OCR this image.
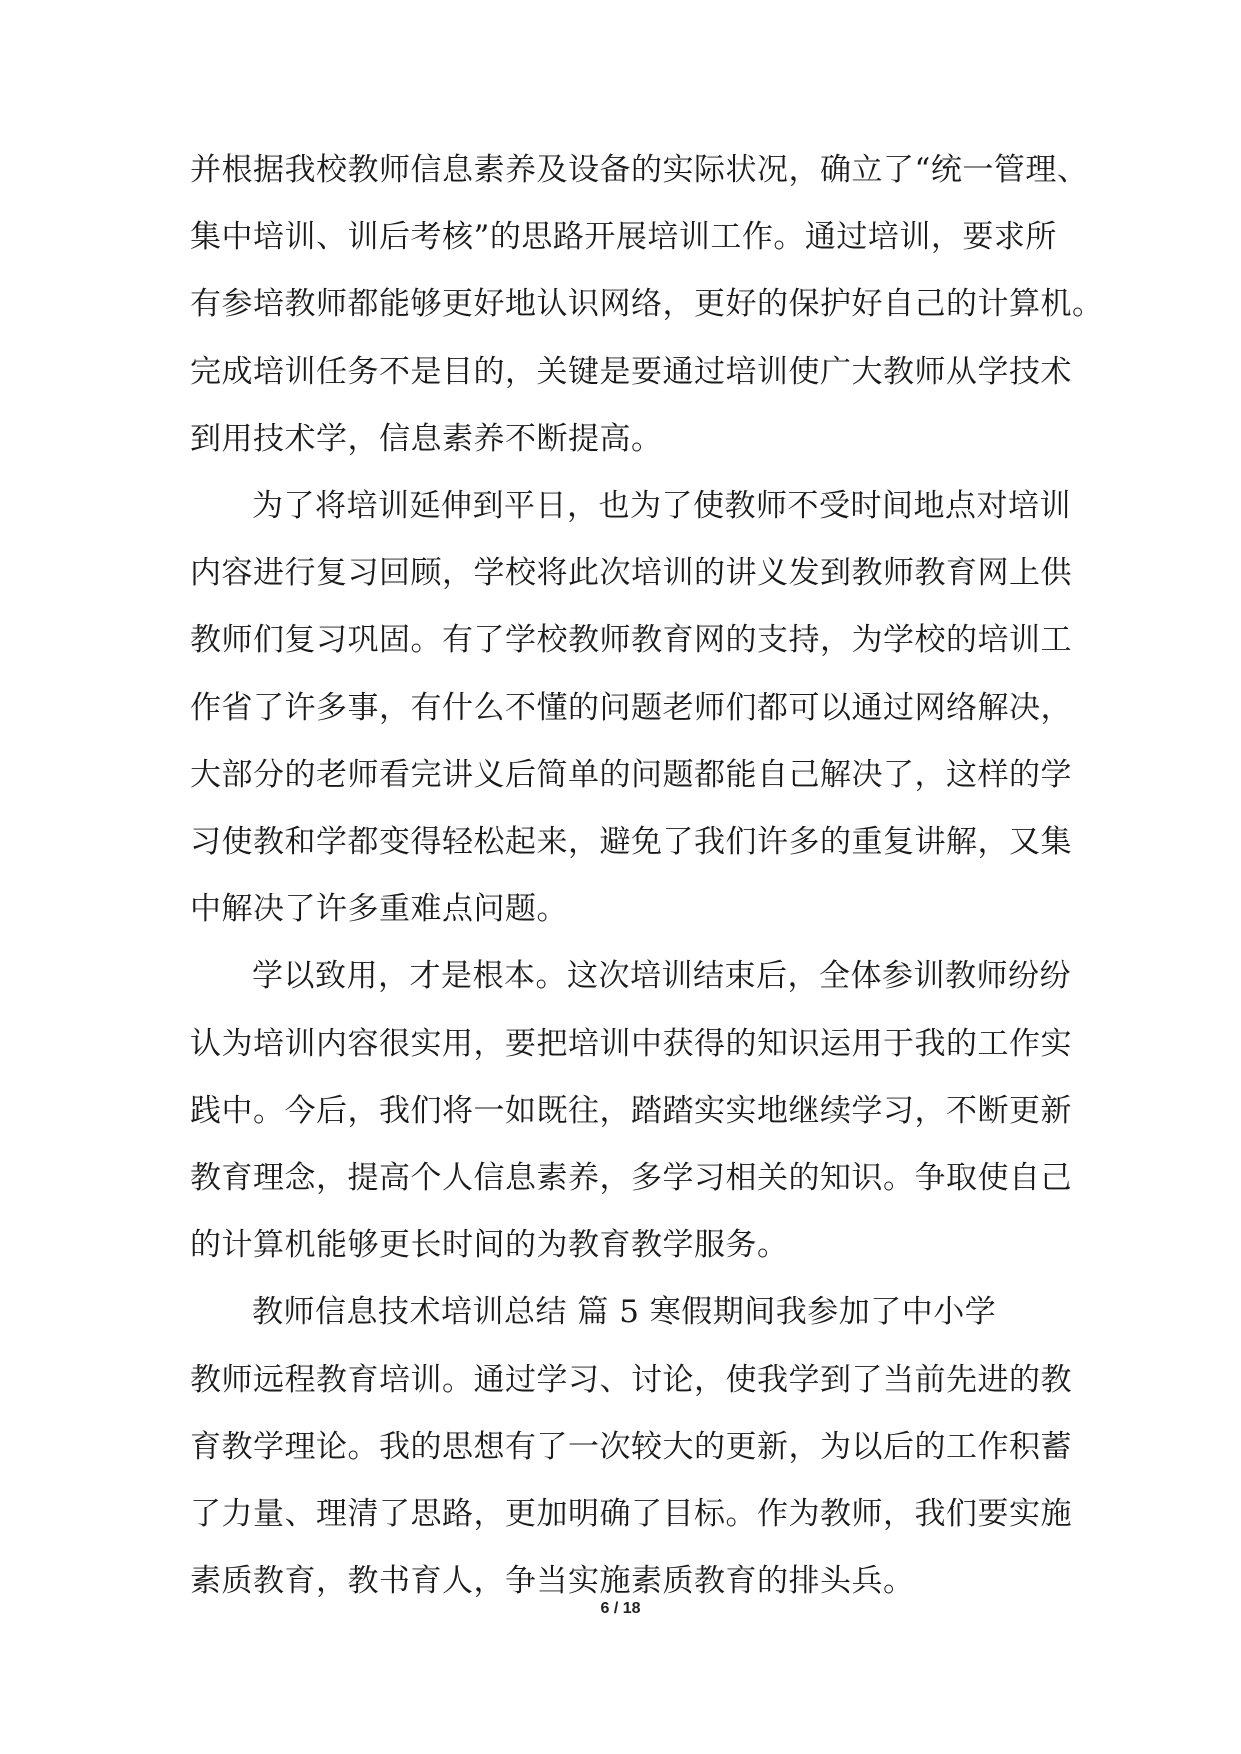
并根据我校教师信息素养及设备的实际状况，确立了“统一管理、
集中培训、训后考核”的思路开展培训工作。通过培训，要求所
有参培教师都能够更好地认识网络，更好的保护好自己的计算机。
完成培训任务不是目的，关键是要通过培训使广大教师从学技术
到用技术学，信息素养不断提高。
为了将培训延伸到平日，也为了使教师不受时间地点对培训
内容进行复习回顾，学校将此次培训的讲义发到教师教育网上供
教师们复习巩固。有了学校教师教育网的支持，为学校的培训工
作省了许多事，有什么不懂的问题老师们都可以通过网络解决，
大部分的老师看完讲义后简单的问题都能自己解决了，这样的学
习使教和学都变得轻松起来，避免了我们许多的重复讲解，又集
中解决了许多重难点问题。
学以致用，才是根本。这次培训结束后，全体参训教师纷纷
认为培训内容很实用，要把培训中获得的知识运用于我的工作实
践中。今后，我们将一如既往，踏踏实实地继续学习，不断更新
教育理念，提高个人信息素养，多学习相关的知识。争取使自己
的计算机能够更长时间的为教育教学服务。
教师信息技术培训总结 篇 5 寒假期间我参加了中小学
教师远程教育培训。通过学习、讨论，使我学到了当前先进的教
育教学理论。我的思想有了一次较大的更新，为以后的工作积蓄
了力量、理清了思路，更加明确了目标。作为教师，我们要实施
素质教育，教书育人，争当实施素质教育的排头兵。
6 / 18
